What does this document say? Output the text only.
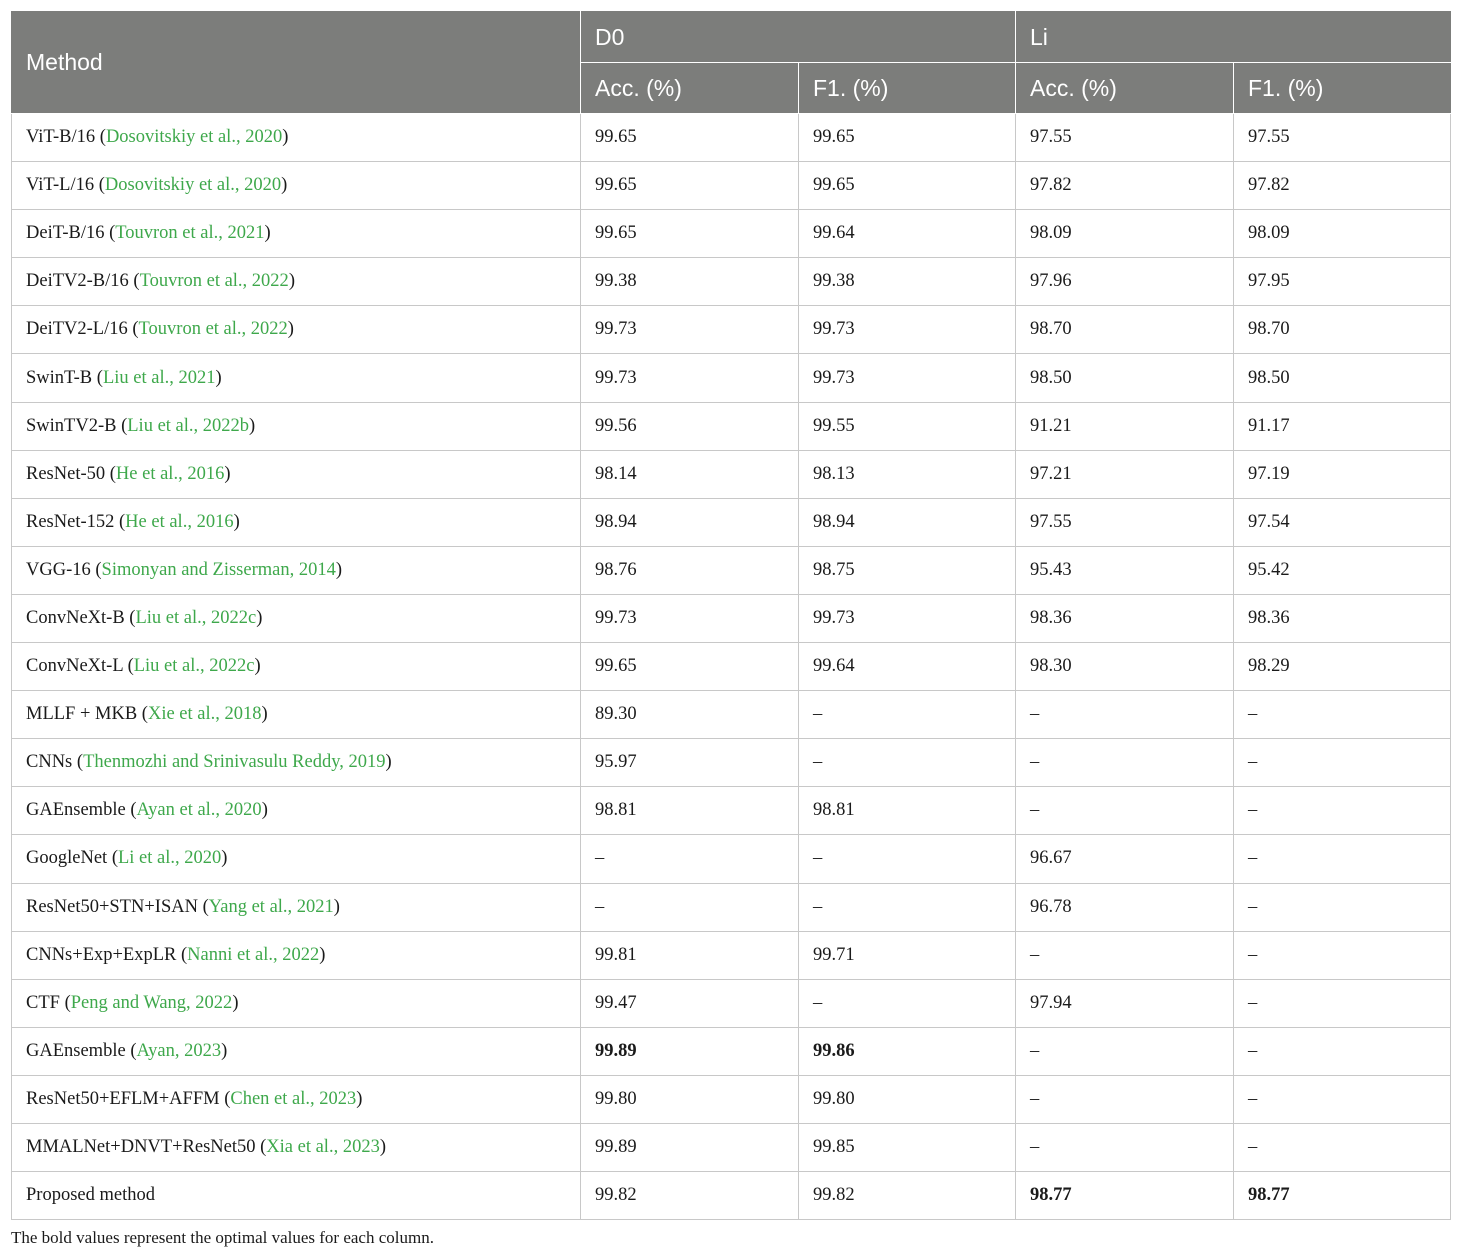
Method	D0		Li	
	Acc. (%)	F1. (%)	Acc. (%)	F1. (%)
ViT-B/16 (Dosovitskiy et al., 2020)	99.65	99.65	97.55	97.55
ViT-L/16 (Dosovitskiy et al., 2020)	99.65	99.65	97.82	97.82
DeiT-B/16 (Touvron et al., 2021)	99.65	99.64	98.09	98.09
DeiTV2-B/16 (Touvron et al., 2022)	99.38	99.38	97.96	97.95
DeiTV2-L/16 (Touvron et al., 2022)	99.73	99.73	98.70	98.70
SwinT-B (Liu et al., 2021)	99.73	99.73	98.50	98.50
SwinTV2-B (Liu et al., 2022b)	99.56	99.55	91.21	91.17
ResNet-50 (He et al., 2016)	98.14	98.13	97.21	97.19
ResNet-152 (He et al., 2016)	98.94	98.94	97.55	97.54
VGG-16 (Simonyan and Zisserman, 2014)	98.76	98.75	95.43	95.42
ConvNeXt-B (Liu et al., 2022c)	99.73	99.73	98.36	98.36
ConvNeXt-L (Liu et al., 2022c)	99.65	99.64	98.30	98.29
MLLF + MKB (Xie et al., 2018)	89.30	–	–	–
CNNs (Thenmozhi and Srinivasulu Reddy, 2019)	95.97	–	–	–
GAEnsemble (Ayan et al., 2020)	98.81	98.81	–	–
GoogleNet (Li et al., 2020)	–	–	96.67	–
ResNet50+STN+ISAN (Yang et al., 2021)	–	–	96.78	–
CNNs+Exp+ExpLR (Nanni et al., 2022)	99.81	99.71	–	–
CTF (Peng and Wang, 2022)	99.47	–	97.94	–
GAEnsemble (Ayan, 2023)	99.89	99.86	–	–
ResNet50+EFLM+AFFM (Chen et al., 2023)	99.80	99.80	–	–
MMALNet+DNVT+ResNet50 (Xia et al., 2023)	99.89	99.85	–	–
Proposed method	99.82	99.82	98.77	98.77
The bold values represent the optimal values for each column.
